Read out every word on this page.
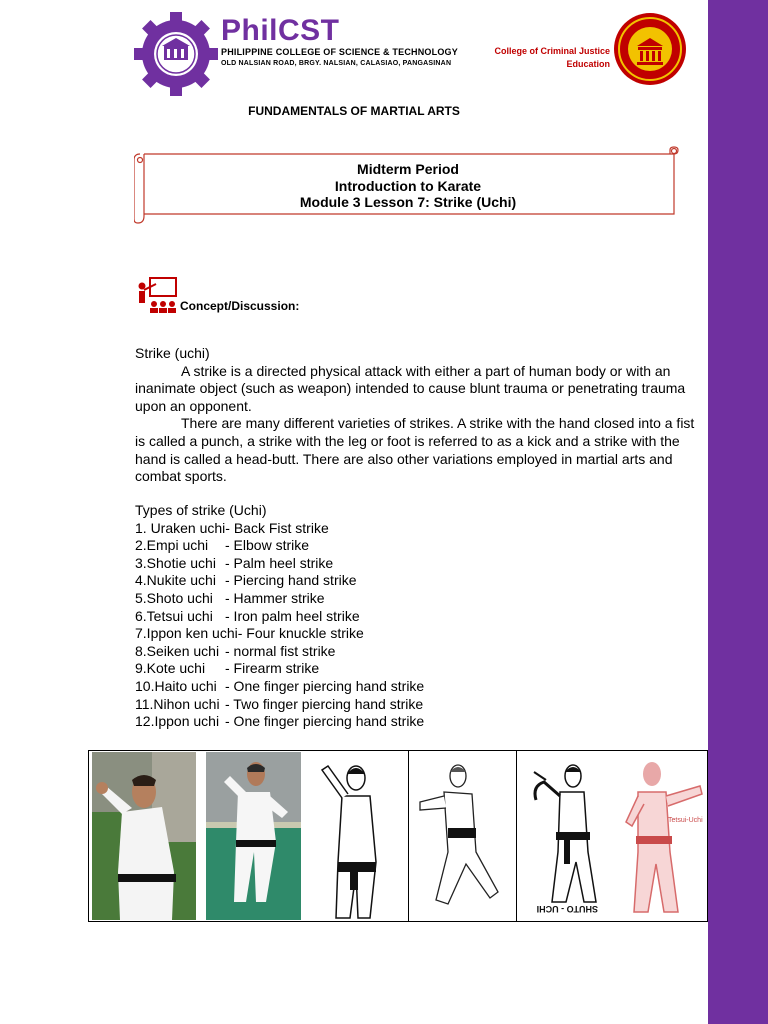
PhilCST
PHILIPPINE COLLEGE OF SCIENCE & TECHNOLOGY
OLD NALSIAN ROAD, BRGY. NALSIAN, CALASIAO, PANGASINAN
College of Criminal Justice
Education
FUNDAMENTALS OF MARTIAL ARTS
Midterm Period
Introduction to Karate
Module 3 Lesson 7: Strike (Uchi)
Concept/Discussion:

Strike (uchi)

A strike is a directed physical attack with either a part of human body or with an inanimate object (such as weapon) intended to cause blunt trauma or penetrating trauma upon an opponent.

There are many different varieties of strikes. A strike with the hand closed into a fist is called a punch, a strike with the leg or foot is referred to as a kick and a strike with the hand is called a head-butt. There are also other variations employed in martial arts and combat sports.

Types of strike (Uchi)
1. Uraken uchi- Back Fist strike
2.Empi uchi - Elbow strike
3.Shotie uchi - Palm heel strike
4.Nukite uchi - Piercing hand strike
5.Shoto uchi - Hammer strike
6.Tetsui uchi - Iron palm heel strike
7.Ippon ken uchi- Four knuckle strike
8.Seiken uchi - normal fist strike
9.Kote uchi - Firearm strike
10.Haito uchi - One finger piercing hand strike
11.Nihon uchi - Two finger piercing hand strike
12.Ippon uchi - One finger piercing hand strike
SHUTO - UCHI
Tetsui-Uchi
